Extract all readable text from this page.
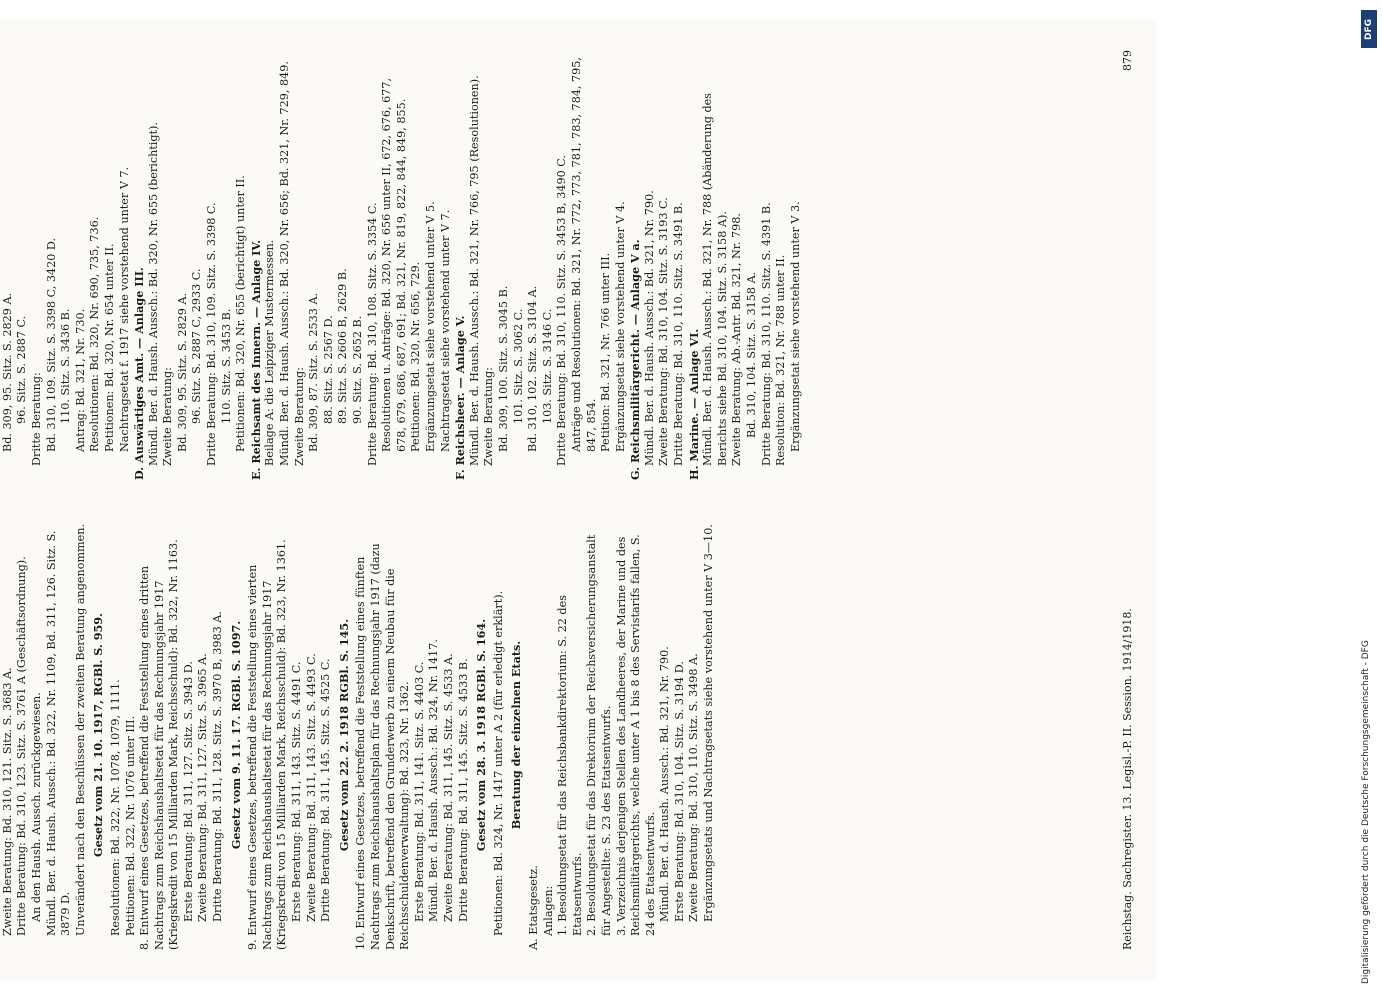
Zweite Beratung: Bd. 310, 121. Sitz. S. 3683 A. Dritte Beratung: Bd. 310, 123. Sitz. S. 3761 A (Geschäftsordnung). An den Haush. Aussch. zurückgewiesen. Mündl. Ber. d. Haush. Aussch.: Bd. 322, Nr. 1109, Bd. 311, 126. Sitz. S. 3879 D. Unverändert nach den Beschlüssen der zweiten Beratung angenommen. Gesetz vom 21. 10. 1917, RGBl. S. 959. Resolutionen: Bd. 322, Nr. 1078, 1079, 1111. Petitionen: Bd. 322, Nr. 1076 unter III. 8. Entwurf eines Gesetzes, betreffend die Feststellung eines dritten Nachtrags zum Reichshaushaltsetat für das Rechnungsjahr 1917 (Kriegskredit von 15 Milliarden Mark, Reichsschuld): Bd. 322, Nr. 1163. Erste Beratung: Bd. 311, 127. Sitz. S. 3943 D. Zweite Beratung: Bd. 311, 127. Sitz. S. 3965 A. Dritte Beratung: Bd. 311, 128. Sitz. S. 3970 B, 3983 A. Gesetz vom 9. 11. 17. RGBl. S. 1097. 9. Entwurf eines Gesetzes, betreffend die Feststellung eines vierten Nachtrags zum Reichshaushaltsetat für das Rechnungsjahr 1917 (Kriegskredit von 15 Milliarden Mark, Reichsschuld): Bd. 323, Nr. 1361. Erste Beratung: Bd. 311, 143. Sitz. S. 4491 C. Zweite Beratung: Bd. 311, 143. Sitz. S. 4493 C. Dritte Beratung: Bd. 311, 145. Sitz. S. 4525 C. Gesetz vom 22. 2. 1918 RGBl. S. 145. 10. Entwurf eines Gesetzes, betreffend die Feststellung eines fünften Nachtrags zum Reichshaushaltsplan für das Rechnungsjahr 1917 (dazu Denkschrift, betreffend den Grunderwerb zu einem Neubau für die Reichsschuldenverwaltung): Bd. 323, Nr. 1362. Erste Beratung: Bd. 311, 141. Sitz. S. 4403 C. Mündl. Ber. d. Haush. Aussch.: Bd. 324, Nr. 1417. Zweite Beratung: Bd. 311, 145. Sitz. S. 4533 A. Dritte Beratung: Bd. 311, 145. Sitz. S. 4533 B. Gesetz vom 28. 3. 1918 RGBl. S. 164. Petitionen: Bd. 324, Nr. 1417 unter A 2 (für erledigt erklärt). Beratung der einzelnen Etats.

A. Etatsgesetz. Anlagen: 1. Besoldungsetat für das Reichsbankdirektorium: S. 22 des Etatsentwurfs. 2. Besoldungsetat für das Direktorium der Reichsversicherungsanstalt für Angestellte: S. 23 des Etatsentwurfs. 3. Verzeichnis derjenigen Stellen des Landheeres, der Marine und des Reichsmilitärgerichts, welche unter A 1 bis 8 des Servistarifs fallen, S. 24 des Etatsentwurfs. Mündl. Ber. d. Haush. Aussch.: Bd. 321, Nr. 790. Erste Beratung: Bd. 310, 104. Sitz. S. 3194 D. Zweite Beratung: Bd. 310, 110. Sitz. S. 3498 A. Ergänzungsetats und Nachtragsetats siehe vorstehend unter V 3—10.

Bd. 309, 95. Sitz. S. 2829 A. 96. Sitz. S. 2887 C. Dritte Beratung: Bd. 310, 109. Sitz. S. 3398 C, 3420 D. 110. Sitz. S. 3436 B. Antrag: Bd. 321, Nr. 730. Resolutionen: Bd. 320, Nr. 690, 735, 736. Petitionen: Bd. 320, Nr. 654 unter II. Nachtragsetat f. 1917 siehe vorstehend unter V 7. D. Auswärtiges Amt. — Anlage III. Mündl. Ber. d. Haush. Aussch.: Bd. 320, Nr. 655 (berichtigt). Zweite Beratung: Bd. 309, 95. Sitz. S. 2829 A. 96. Sitz. S. 2887 C, 2933 C. Dritte Beratung: Bd. 310, 109. Sitz. S. 3398 C. 110. Sitz. S. 3453 B. Petitionen: Bd. 320, Nr. 655 (berichtigt) unter II. E. Reichsamt des Innern. — Anlage IV. Beilage A: die Leipziger Mustermessen. Mündl. Ber. d. Haush. Aussch.: Bd. 320, Nr. 656; Bd. 321, Nr. 729, 849. Zweite Beratung: Bd. 309, 87. Sitz. S. 2533 A. 88. Sitz. S. 2567 D. 89. Sitz. S. 2606 B, 2629 B. 90. Sitz. S. 2652 B. Dritte Beratung: Bd. 310, 108. Sitz. S. 3354 C. Resolutionen u. Anträge: Bd. 320, Nr. 656 unter II, 672, 676, 677, 678, 679, 686, 687, 691; Bd. 321, Nr. 819, 822, 844, 849, 855. Petitionen: Bd. 320, Nr. 656, 729. Ergänzungsetat siehe vorstehend unter V 5. Nachtragsetat siehe vorstehend unter V 7. F. Reichsheer. — Anlage V. Mündl. Ber. d. Haush. Aussch.: Bd. 321, Nr. 766, 795 (Resolutionen). Zweite Beratung: Bd. 309, 100. Sitz. S. 3045 B. 101. Sitz. S. 3062 C. Bd. 310, 102. Sitz. S. 3104 A. 103. Sitz. S. 3146 C. Dritte Beratung: Bd. 310, 110. Sitz. S. 3453 B, 3490 C. Anträge und Resolutionen: Bd. 321, Nr. 772, 773, 781, 783, 784, 795, 847, 854. Petition: Bd. 321, Nr. 766 unter III. Ergänzungsetat siehe vorstehend unter V 4. G. Reichsmilitärgericht. — Anlage V a. Mündl. Ber. d. Haush. Aussch.: Bd. 321, Nr. 790. Zweite Beratung: Bd. 310, 104. Sitz. S. 3193 C. Dritte Beratung: Bd. 310, 110. Sitz. S. 3491 B. H. Marine. — Anlage VI. Mündl. Ber. d. Haush. Aussch.: Bd. 321, Nr. 788 (Abänderung des Berichts siehe Bd. 310, 104. Sitz. S. 3158 A). Zweite Beratung: Ab.-Antr. Bd. 321, Nr. 798. Bd. 310, 104. Sitz. S. 3158 A. Dritte Beratung: Bd. 310, 110. Sitz. S. 4391 B. Resolution: Bd. 321, Nr. 788 unter II. Ergänzungsetat siehe vorstehend unter V 3.

Reichstag. Sachregister. 13. Legisl.-P. II. Session. 1914/1918.
879
DFG
Digitalisierung gefördert durch die Deutsche Forschungsgemeinschaft - DFG
